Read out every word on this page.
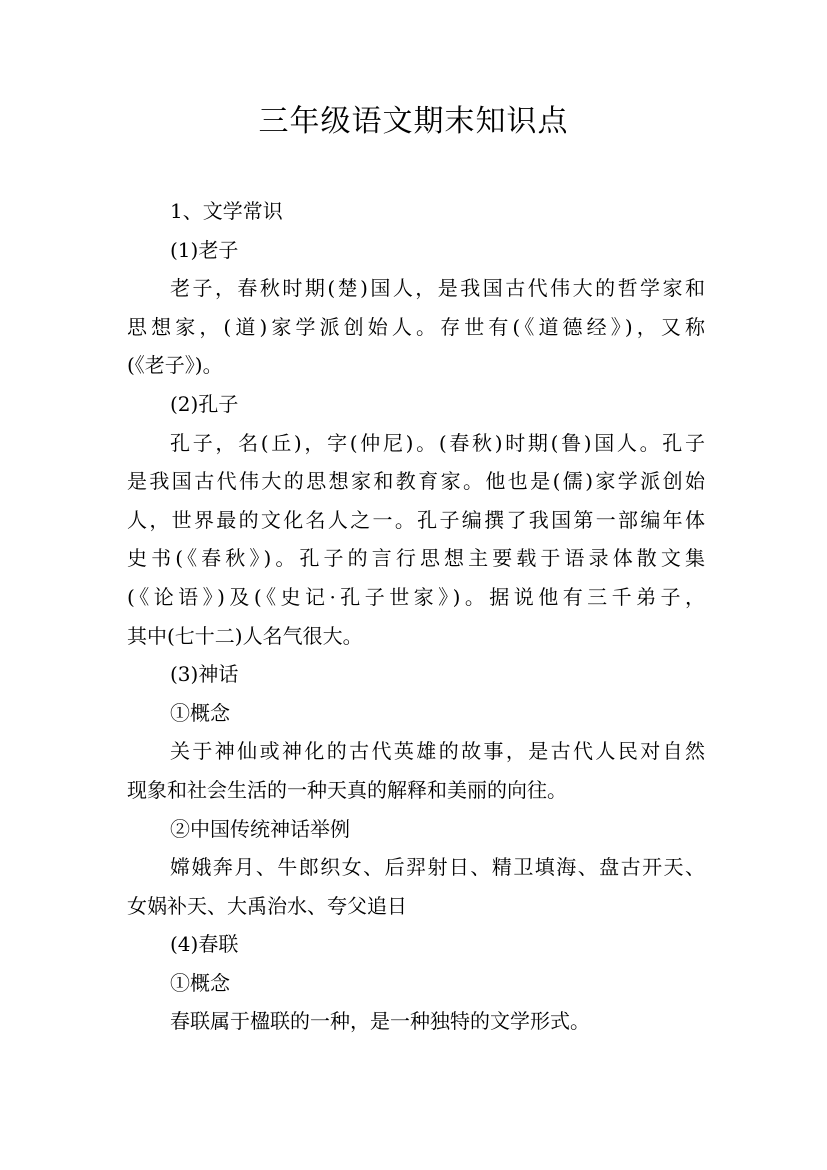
三年级语文期末知识点

1、文学常识

(1)老子

老子，春秋时期(楚)国人，是我国古代伟大的哲学家和

思想家，(道)家学派创始人。存世有(《道德经》)，又称

(《老子》)。

(2)孔子

孔子，名(丘)，字(仲尼)。(春秋)时期(鲁)国人。孔子

是我国古代伟大的思想家和教育家。他也是(儒)家学派创始

人，世界最的文化名人之一。孔子编撰了我国第一部编年体

史书(《春秋》)。孔子的言行思想主要载于语录体散文集

(《论语》)及(《史记·孔子世家》)。据说他有三千弟子，

其中(七十二)人名气很大。

(3)神话

①概念

关于神仙或神化的古代英雄的故事，是古代人民对自然

现象和社会生活的一种天真的解释和美丽的向往。

②中国传统神话举例

嫦娥奔月、牛郎织女、后羿射日、精卫填海、盘古开天、

女娲补天、大禹治水、夸父追日

(4)春联

①概念

春联属于楹联的一种，是一种独特的文学形式。
